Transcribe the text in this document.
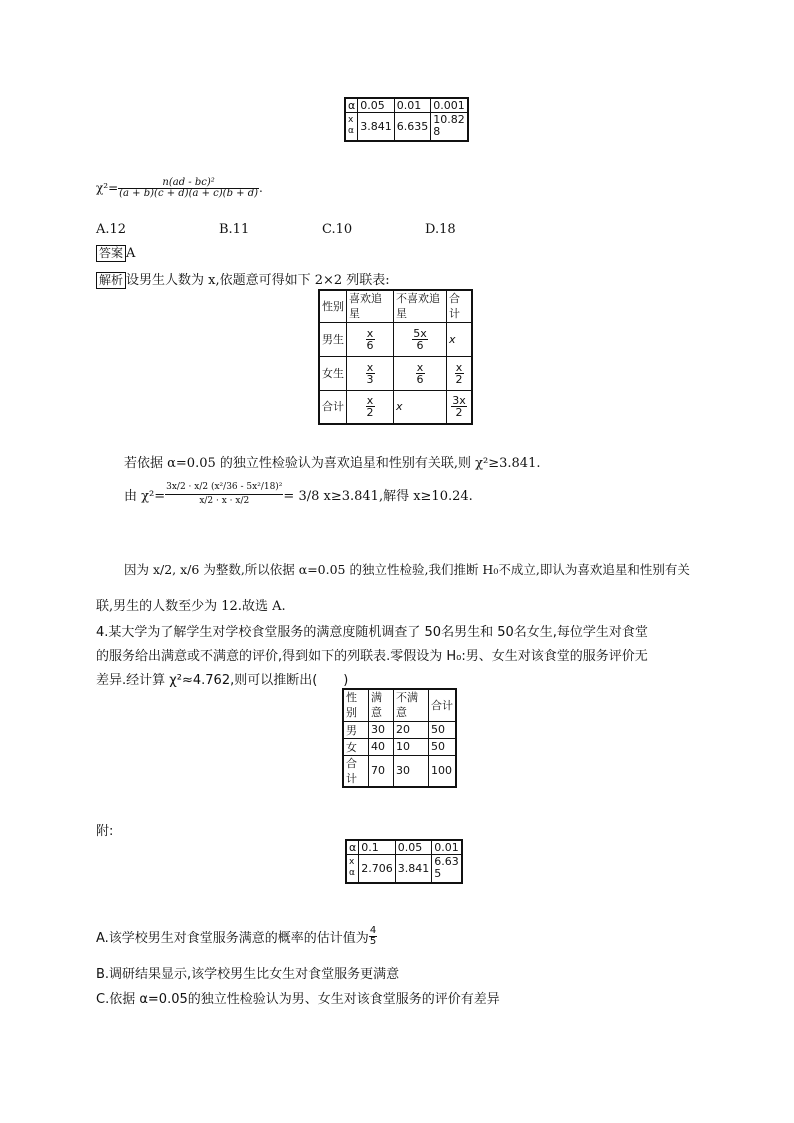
α	0.05	0.01	0.001
x
α	3.841	6.635	10.828
$\chi^2= \frac{\text{n(ad - bc)²}}{(a + b)(c + d)(a + c)(b + d)}$ .
A.12	B.11	C.10	D.18
答案 A
解析 设男生人数为 x,依题意可得如下 2×2 列联表:
性别	喜欢追星	不喜欢追星	合计
男生	$\frac{x}{6}$	$\frac{5x}{6}$	x
女生	$\frac{x}{3}$	$\frac{x}{6}$	$\frac{x}{2}$

合计	$\frac{x}{2}$	x	$\frac{3x}{2}$
若依据 α=0.05 的独立性检验认为喜欢追星和性别有关联,则 χ²≥3.841.
由 $\chi^2= \frac{\text{3x/2 · x/2 (x²/36 - 5x²/18)²}}{x/2 \cdot x \cdot x/2} = 3/8$ x≥3.841,解得 x≥10.24.
因为 x/2, x/6 为整数,所以依据 α=0.05 的独立性检验,我们推断 H₀不成立,即认为喜欢追星和性别有关
联,男生的人数至少为 12.故选 A.
4.某大学为了解学生对学校食堂服务的满意度随机调查了 50名男生和 50名女生,每位学生对食堂
的服务给出满意或不满意的评价,得到如下的列联表.零假设为 H₀:男、女生对该食堂的服务评价无
差异.经计算 χ²≈4.762,则可以推断出(　　)
性别	满意	不满意	合计
男	30	20	50
女	40	10	50
合计	70	30	100
附:
α	0.1	0.05	0.01
x
α	2.706	3.841	6.635
A.该学校男生对食堂服务满意的概率的估计值为 $\frac{4}{5}$
B.调研结果显示,该学校男生比女生对食堂服务更满意
C.依据 α=0.05的独立性检验认为男、女生对该食堂服务的评价有差异
